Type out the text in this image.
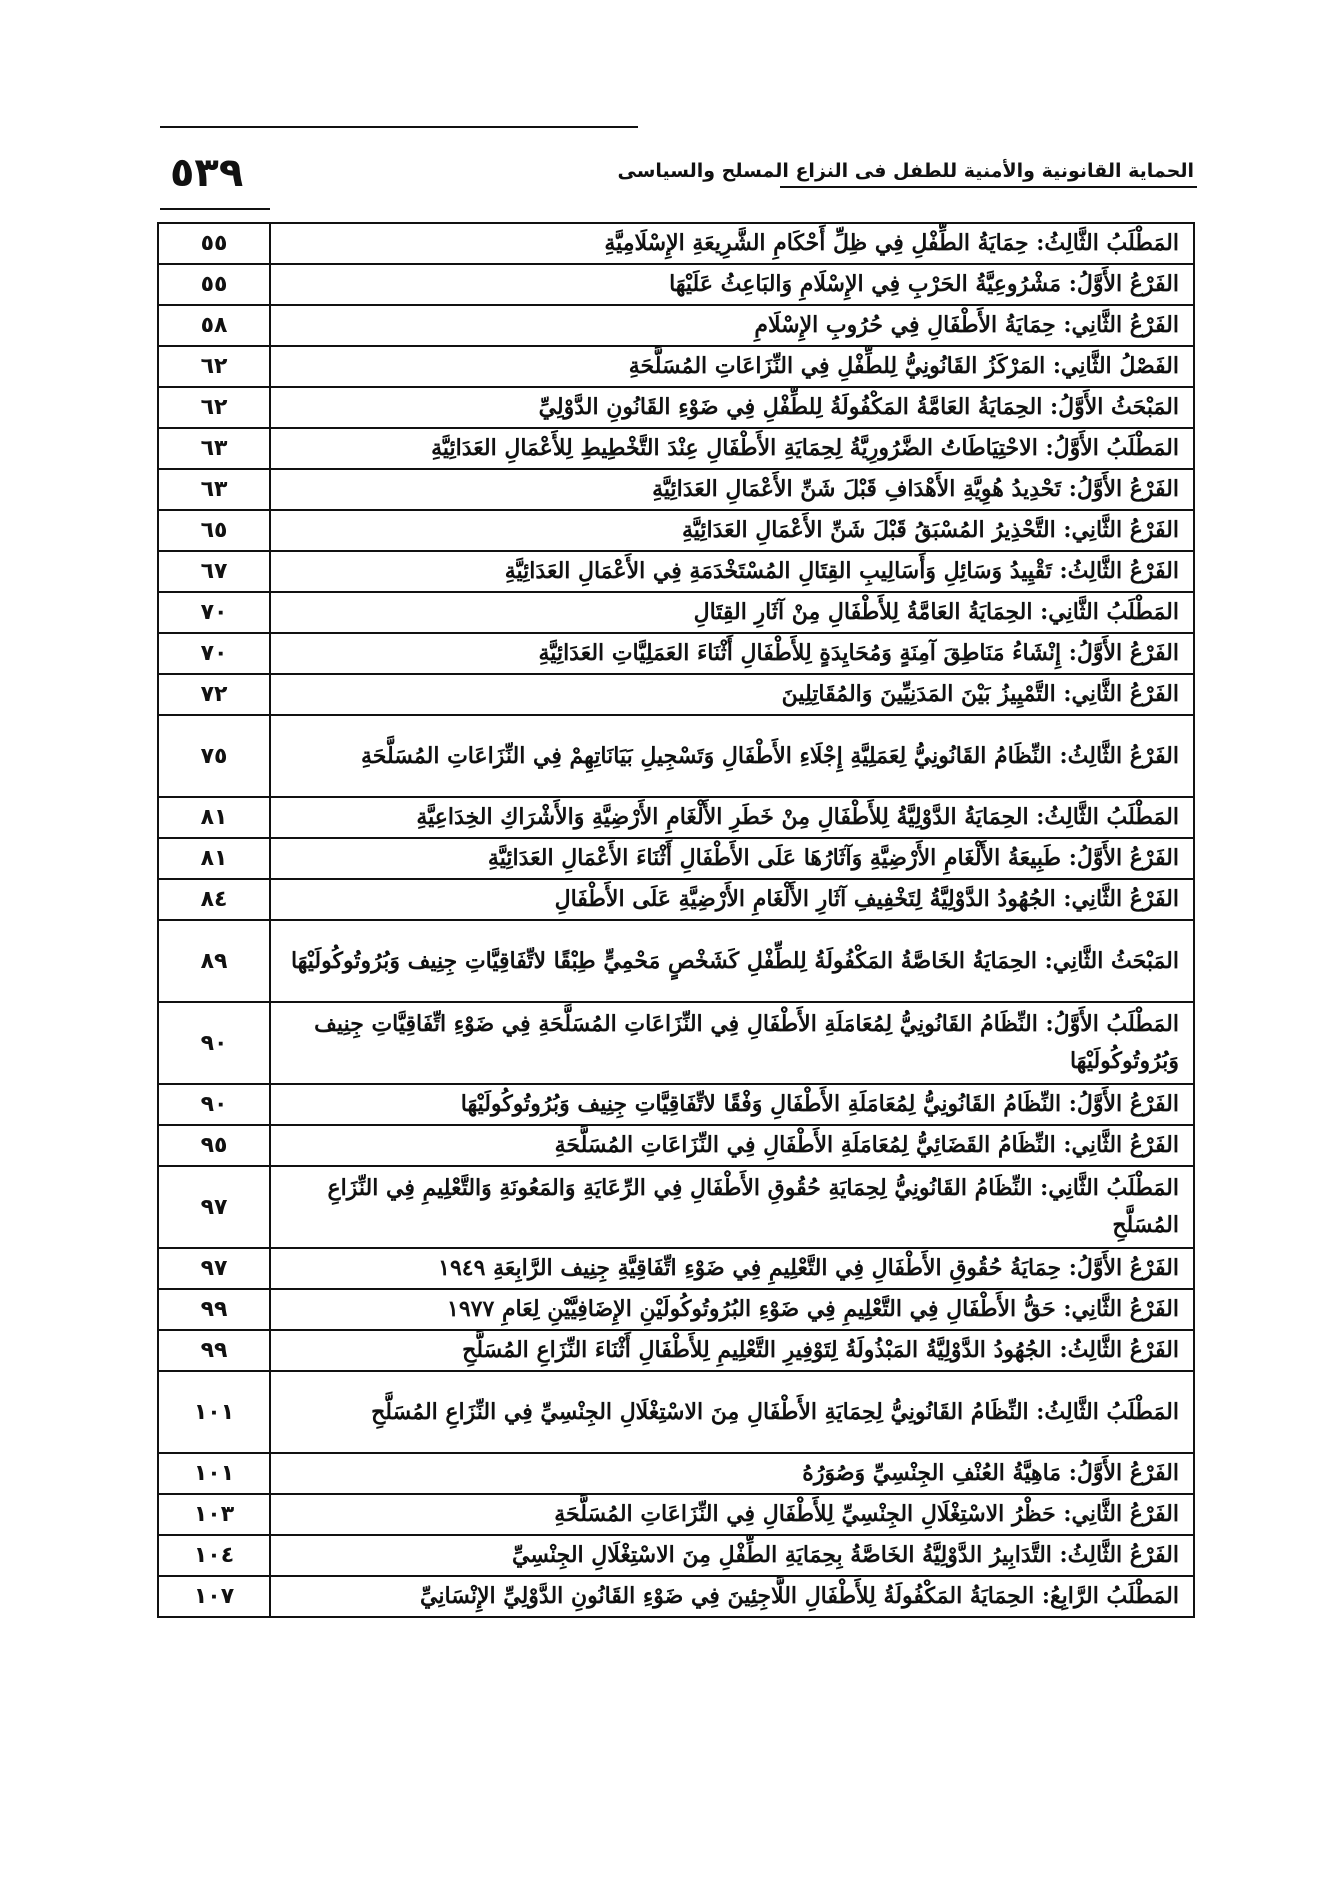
٥٣٩	الحماية القانونية والأمنية للطفل فى النزاع المسلح والسياسى
المَطْلَبُ الثَّالِثُ: حِمَايَةُ الطِّفْلِ فِي ظِلِّ أَحْكَامِ الشَّرِيعَةِ الإِسْلَامِيَّةِ	٥٥
الفَرْعُ الأَوَّلُ: مَشْرُوعِيَّةُ الحَرْبِ فِي الإِسْلَامِ وَالبَاعِثُ عَلَيْهَا	٥٥
الفَرْعُ الثَّانِي: حِمَايَةُ الأَطْفَالِ فِي حُرُوبِ الإِسْلَامِ	٥٨
الفَصْلُ الثَّانِي: المَرْكَزُ القَانُونِيُّ لِلطِّفْلِ فِي النِّزَاعَاتِ المُسَلَّحَةِ	٦٢
المَبْحَثُ الأَوَّلُ: الحِمَايَةُ العَامَّةُ المَكْفُولَةُ لِلطِّفْلِ فِي ضَوْءِ القَانُونِ الدَّوْلِيِّ	٦٢
المَطْلَبُ الأَوَّلُ: الاحْتِيَاطَاتُ الضَّرُورِيَّةُ لِحِمَايَةِ الأَطْفَالِ عِنْدَ التَّخْطِيطِ لِلأَعْمَالِ العَدَائِيَّةِ	٦٣
الفَرْعُ الأَوَّلُ: تَحْدِيدُ هُوِيَّةِ الأَهْدَافِ قَبْلَ شَنِّ الأَعْمَالِ العَدَائِيَّةِ	٦٣
الفَرْعُ الثَّانِي: التَّحْذِيرُ المُسْبَقُ قَبْلَ شَنِّ الأَعْمَالِ العَدَائِيَّةِ	٦٥
الفَرْعُ الثَّالِثُ: تَقْيِيدُ وَسَائِلِ وَأَسَالِيبِ القِتَالِ المُسْتَخْدَمَةِ فِي الأَعْمَالِ العَدَائِيَّةِ	٦٧
المَطْلَبُ الثَّانِي: الحِمَايَةُ العَامَّةُ لِلأَطْفَالِ مِنْ آثَارِ القِتَالِ	٧٠
الفَرْعُ الأَوَّلُ: إِنْشَاءُ مَنَاطِقَ آمِنَةٍ وَمُحَايِدَةٍ لِلأَطْفَالِ أَثْنَاءَ العَمَلِيَّاتِ العَدَائِيَّةِ	٧٠
الفَرْعُ الثَّانِي: التَّمْيِيزُ بَيْنَ المَدَنِيِّينَ وَالمُقَاتِلِينَ	٧٢
الفَرْعُ الثَّالِثُ: النِّظَامُ القَانُونِيُّ لِعَمَلِيَّةِ إِجْلَاءِ الأَطْفَالِ وَتَسْجِيلِ بَيَانَاتِهِمْ فِي النِّزَاعَاتِ المُسَلَّحَةِ	٧٥
المَطْلَبُ الثَّالِثُ: الحِمَايَةُ الدَّوْلِيَّةُ لِلأَطْفَالِ مِنْ خَطَرِ الأَلْغَامِ الأَرْضِيَّةِ وَالأَشْرَاكِ الخِدَاعِيَّةِ	٨١
الفَرْعُ الأَوَّلُ: طَبِيعَةُ الأَلْغَامِ الأَرْضِيَّةِ وَآثَارُهَا عَلَى الأَطْفَالِ أَثْنَاءَ الأَعْمَالِ العَدَائِيَّةِ	٨١
الفَرْعُ الثَّانِي: الجُهُودُ الدَّوْلِيَّةُ لِتَخْفِيفِ آثَارِ الأَلْغَامِ الأَرْضِيَّةِ عَلَى الأَطْفَالِ	٨٤
المَبْحَثُ الثَّانِي: الحِمَايَةُ الخَاصَّةُ المَكْفُولَةُ لِلطِّفْلِ كَشَخْصٍ مَحْمِيٍّ طِبْقًا لاتِّفَاقِيَّاتِ جِنِيف وَبُرُوتُوكُولَيْهَا	٨٩
المَطْلَبُ الأَوَّلُ: النِّظَامُ القَانُونِيُّ لِمُعَامَلَةِ الأَطْفَالِ فِي النِّزَاعَاتِ المُسَلَّحَةِ فِي ضَوْءِ اتِّفَاقِيَّاتِ جِنِيف وَبُرُوتُوكُولَيْهَا	٩٠
الفَرْعُ الأَوَّلُ: النِّظَامُ القَانُونِيُّ لِمُعَامَلَةِ الأَطْفَالِ وَفْقًا لاتِّفَاقِيَّاتِ جِنِيف وَبُرُوتُوكُولَيْهَا	٩٠
الفَرْعُ الثَّانِي: النِّظَامُ القَضَائِيُّ لِمُعَامَلَةِ الأَطْفَالِ فِي النِّزَاعَاتِ المُسَلَّحَةِ	٩٥
المَطْلَبُ الثَّانِي: النِّظَامُ القَانُونِيُّ لِحِمَايَةِ حُقُوقِ الأَطْفَالِ فِي الرِّعَايَةِ وَالمَعُونَةِ وَالتَّعْلِيمِ فِي النِّزَاعِ المُسَلَّحِ	٩٧
الفَرْعُ الأَوَّلُ: حِمَايَةُ حُقُوقِ الأَطْفَالِ فِي التَّعْلِيمِ فِي ضَوْءِ اتِّفَاقِيَّةِ جِنِيف الرَّابِعَةِ ١٩٤٩	٩٧
الفَرْعُ الثَّانِي: حَقُّ الأَطْفَالِ فِي التَّعْلِيمِ فِي ضَوْءِ البُرُوتُوكُولَيْنِ الإِضَافِيَّيْنِ لِعَامِ ١٩٧٧	٩٩
الفَرْعُ الثَّالِثُ: الجُهُودُ الدَّوْلِيَّةُ المَبْذُولَةُ لِتَوْفِيرِ التَّعْلِيمِ لِلأَطْفَالِ أَثْنَاءَ النِّزَاعِ المُسَلَّحِ	٩٩
المَطْلَبُ الثَّالِثُ: النِّظَامُ القَانُونِيُّ لِحِمَايَةِ الأَطْفَالِ مِنَ الاسْتِغْلَالِ الجِنْسِيِّ فِي النِّزَاعِ المُسَلَّحِ	١٠١
الفَرْعُ الأَوَّلُ: مَاهِيَّةُ العُنْفِ الجِنْسِيِّ وَصُوَرُهُ	١٠١
الفَرْعُ الثَّانِي: حَظْرُ الاسْتِغْلَالِ الجِنْسِيِّ لِلأَطْفَالِ فِي النِّزَاعَاتِ المُسَلَّحَةِ	١٠٣
الفَرْعُ الثَّالِثُ: التَّدَابِيرُ الدَّوْلِيَّةُ الخَاصَّةُ بِحِمَايَةِ الطِّفْلِ مِنَ الاسْتِغْلَالِ الجِنْسِيِّ	١٠٤
المَطْلَبُ الرَّابِعُ: الحِمَايَةُ المَكْفُولَةُ لِلأَطْفَالِ اللَّاجِئِينَ فِي ضَوْءِ القَانُونِ الدَّوْلِيِّ الإِنْسَانِيِّ	١٠٧
